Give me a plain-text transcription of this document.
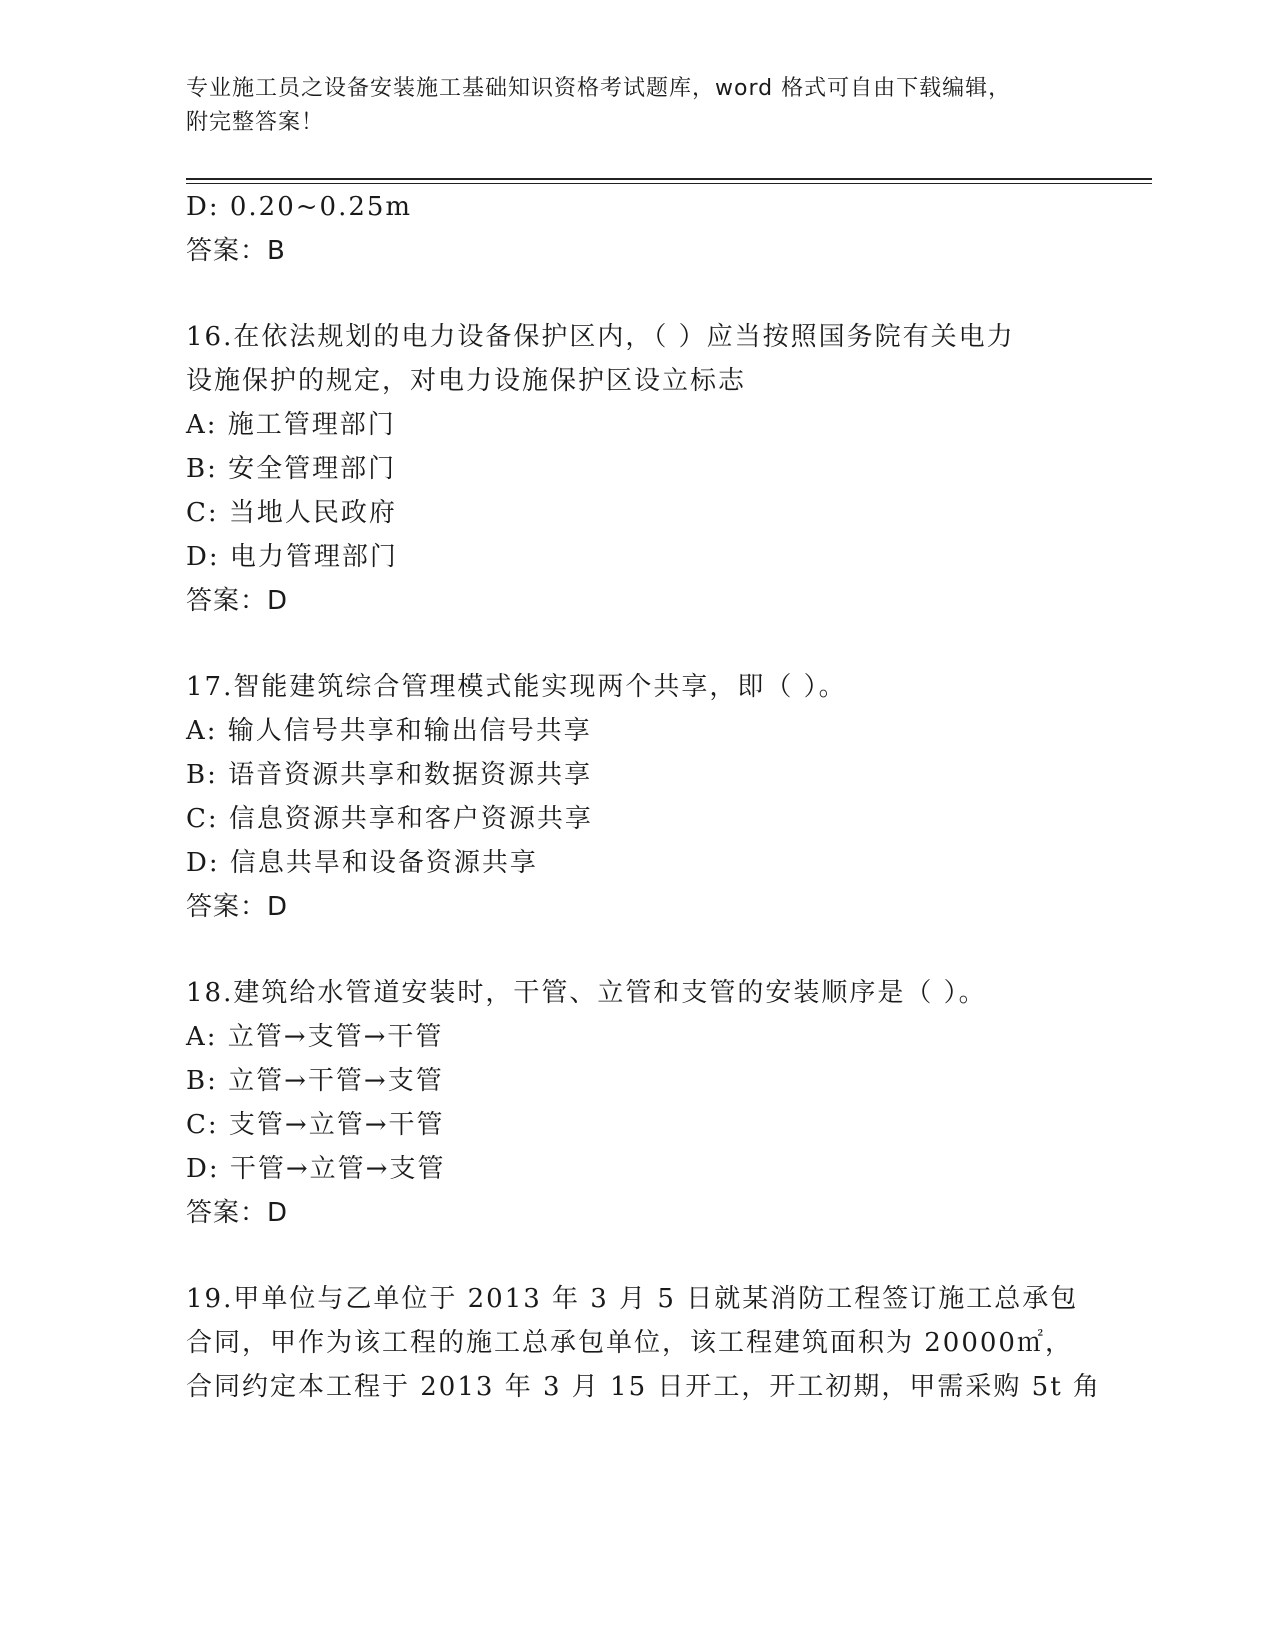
专业施工员之设备安装施工基础知识资格考试题库，word 格式可自由下载编辑，
附完整答案！
D: 0.20~0.25m
答案：B
16.在依法规划的电力设备保护区内，（ ）应当按照国务院有关电力
设施保护的规定，对电力设施保护区设立标志
A: 施工管理部门
B: 安全管理部门
C: 当地人民政府
D: 电力管理部门
答案：D
17.智能建筑综合管理模式能实现两个共享，即（ ）。
A: 输人信号共享和输出信号共享
B: 语音资源共享和数据资源共享
C: 信息资源共享和客户资源共享
D: 信息共旱和设备资源共享
答案：D
18.建筑给水管道安装时，干管、立管和支管的安装顺序是（ ）。
A: 立管→支管→干管
B: 立管→干管→支管
C: 支管→立管→干管
D: 干管→立管→支管
答案：D
19.甲单位与乙单位于 2013 年 3 月 5 日就某消防工程签订施工总承包
合同，甲作为该工程的施工总承包单位，该工程建筑面积为 20000㎡，
合同约定本工程于 2013 年 3 月 15 日开工，开工初期，甲需采购 5t 角
